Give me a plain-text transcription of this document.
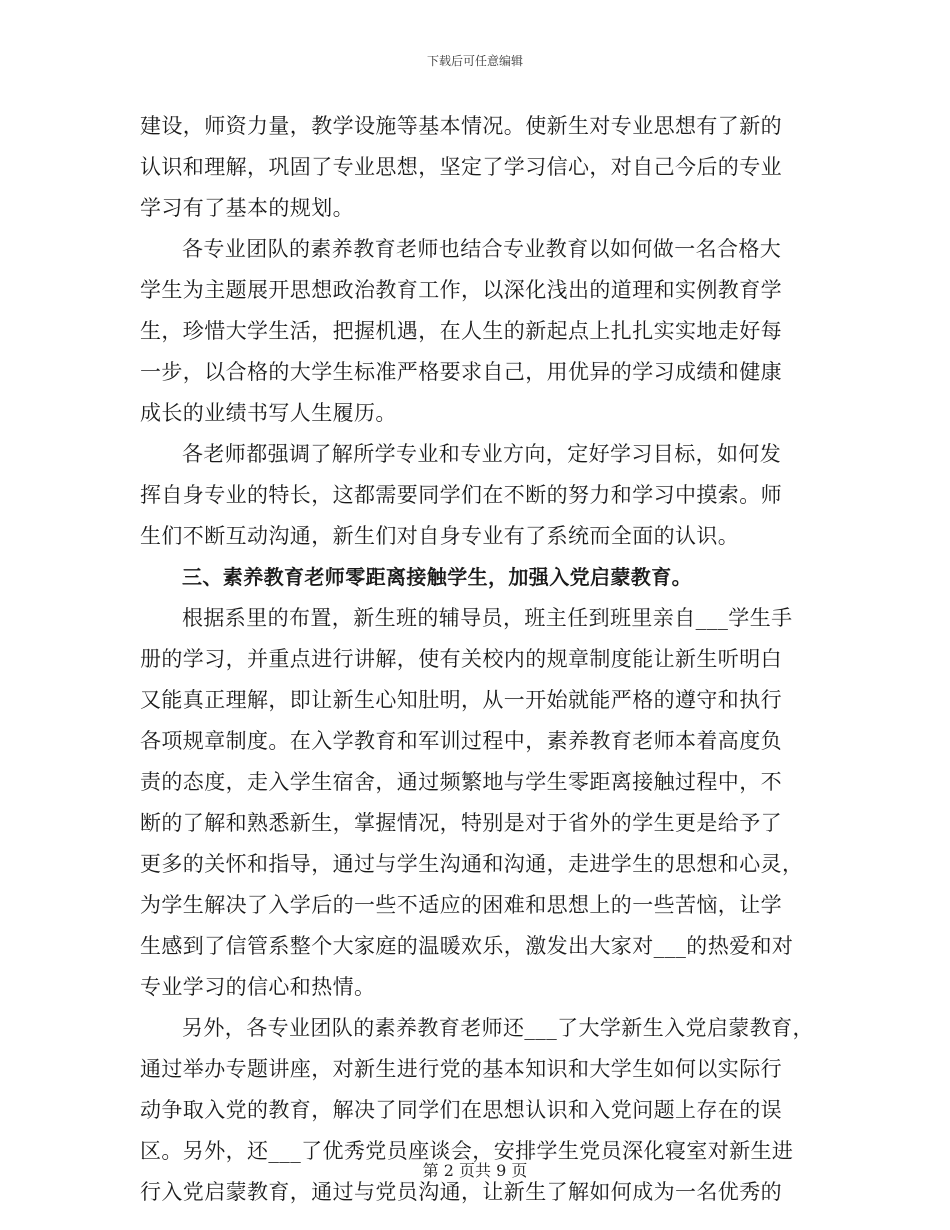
下载后可任意编辑
建设，师资力量，教学设施等基本情况。使新生对专业思想有了新的
认识和理解，巩固了专业思想，坚定了学习信心，对自己今后的专业
学习有了基本的规划。
各专业团队的素养教育老师也结合专业教育以如何做一名合格大
学生为主题展开思想政治教育工作，以深化浅出的道理和实例教育学
生，珍惜大学生活，把握机遇，在人生的新起点上扎扎实实地走好每
一步，以合格的大学生标准严格要求自己，用优异的学习成绩和健康
成长的业绩书写人生履历。
各老师都强调了解所学专业和专业方向，定好学习目标，如何发
挥自身专业的特长，这都需要同学们在不断的努力和学习中摸索。师
生们不断互动沟通，新生们对自身专业有了系统而全面的认识。
三、素养教育老师零距离接触学生，加强入党启蒙教育。
根据系里的布置，新生班的辅导员，班主任到班里亲自___学生手
册的学习，并重点进行讲解，使有关校内的规章制度能让新生听明白
又能真正理解，即让新生心知肚明，从一开始就能严格的遵守和执行
各项规章制度。在入学教育和军训过程中，素养教育老师本着高度负
责的态度，走入学生宿舍，通过频繁地与学生零距离接触过程中，不
断的了解和熟悉新生，掌握情况，特别是对于省外的学生更是给予了
更多的关怀和指导，通过与学生沟通和沟通，走进学生的思想和心灵，
为学生解决了入学后的一些不适应的困难和思想上的一些苦恼，让学
生感到了信管系整个大家庭的温暖欢乐，激发出大家对___的热爱和对
专业学习的信心和热情。
另外，各专业团队的素养教育老师还___了大学新生入党启蒙教育，
通过举办专题讲座，对新生进行党的基本知识和大学生如何以实际行
动争取入党的教育，解决了同学们在思想认识和入党问题上存在的误
区。另外，还___了优秀党员座谈会，安排学生党员深化寝室对新生进
行入党启蒙教育，通过与党员沟通，让新生了解如何成为一名优秀的
第 2 页共 9 页
